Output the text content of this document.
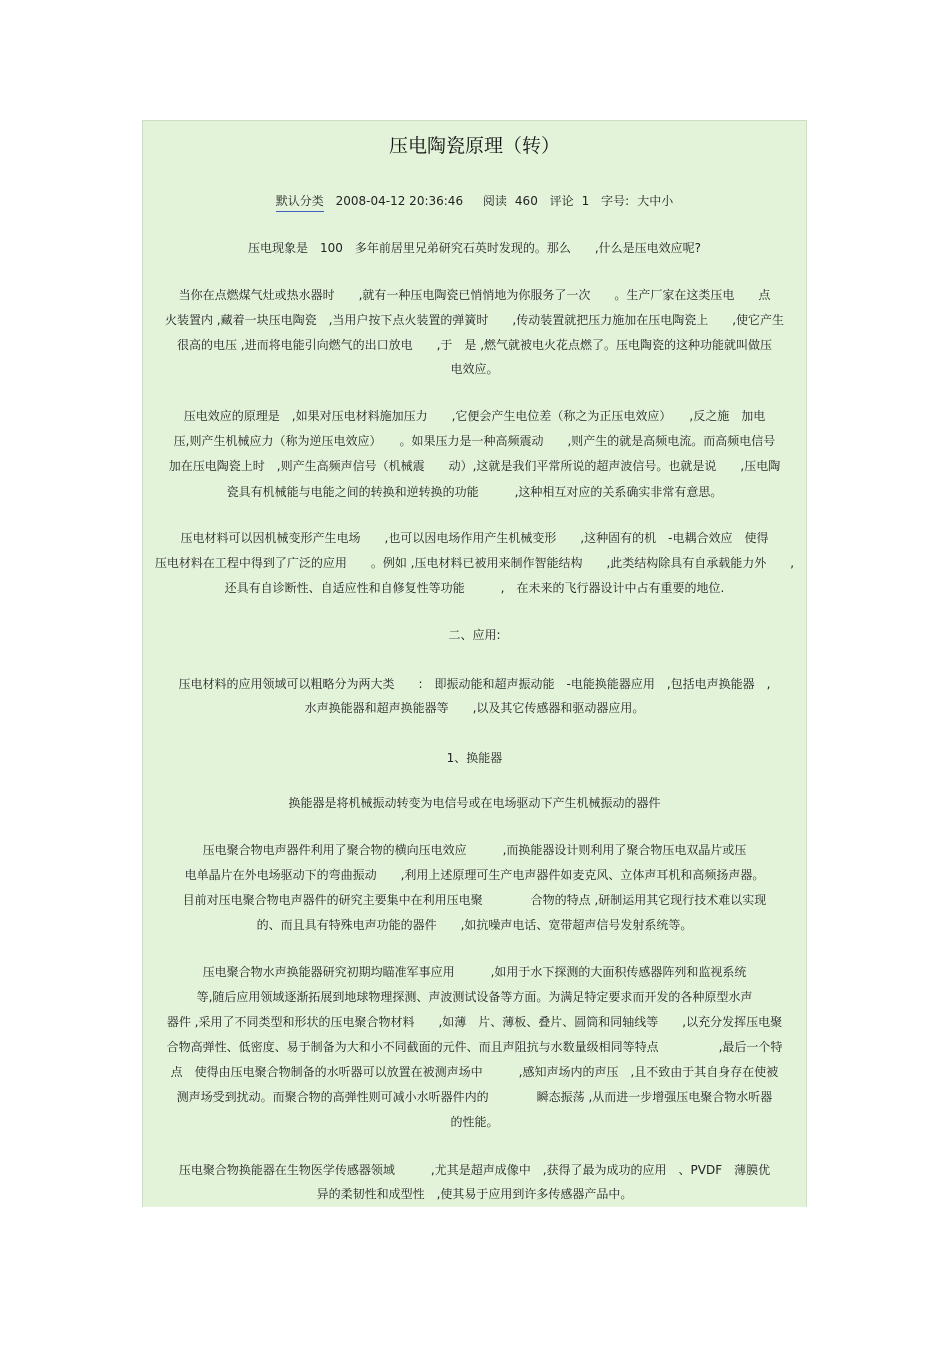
压电陶瓷原理（转）
默认分类 2008-04-12 20:36:46 阅读 460 评论 1 字号: 大中小
压电现象是　100　多年前居里兄弟研究石英时发现的。那么　　,什么是压电效应呢?
当你在点燃煤气灶或热水器时　　,就有一种压电陶瓷已悄悄地为你服务了一次　　。生产厂家在这类压电　　点
火装置内 ,藏着一块压电陶瓷　,当用户按下点火装置的弹簧时　　,传动装置就把压力施加在压电陶瓷上　　,使它产生
很高的电压 ,进而将电能引向燃气的出口放电　　,于　是 ,燃气就被电火花点燃了。压电陶瓷的这种功能就叫做压
电效应。
压电效应的原理是　,如果对压电材料施加压力　　,它便会产生电位差（称之为正压电效应）　　,反之施　加电
压,则产生机械应力（称为逆压电效应）　　。如果压力是一种高频震动　　,则产生的就是高频电流。而高频电信号
加在压电陶瓷上时　,则产生高频声信号（机械震　　动）,这就是我们平常所说的超声波信号。也就是说　　,压电陶
瓷具有机械能与电能之间的转换和逆转换的功能　　　,这种相互对应的关系确实非常有意思。
压电材料可以因机械变形产生电场　　,也可以因电场作用产生机械变形　　,这种固有的机　-电耦合效应　使得
压电材料在工程中得到了广泛的应用　　。例如 ,压电材料已被用来制作智能结构　　,此类结构除具有自承载能力外　　,
还具有自诊断性、自适应性和自修复性等功能　　　,　在未来的飞行器设计中占有重要的地位.
二、应用:
压电材料的应用领域可以粗略分为两大类　　:　即振动能和超声振动能　-电能换能器应用　,包括电声换能器　,
水声换能器和超声换能器等　　,以及其它传感器和驱动器应用。
1、换能器
换能器是将机械振动转变为电信号或在电场驱动下产生机械振动的器件
压电聚合物电声器件利用了聚合物的横向压电效应　　　,而换能器设计则利用了聚合物压电双晶片或压
电单晶片在外电场驱动下的弯曲振动　　,利用上述原理可生产电声器件如麦克风、立体声耳机和高频扬声器。
目前对压电聚合物电声器件的研究主要集中在利用压电聚　　　　合物的特点 ,研制运用其它现行技术难以实现
的、而且具有特殊电声功能的器件　　,如抗噪声电话、宽带超声信号发射系统等。
压电聚合物水声换能器研究初期均瞄准军事应用　　　,如用于水下探测的大面积传感器阵列和监视系统
等,随后应用领域逐渐拓展到地球物理探测、声波测试设备等方面。为满足特定要求而开发的各种原型水声
器件 ,采用了不同类型和形状的压电聚合物材料　　,如薄　片、薄板、叠片、圆筒和同轴线等　　,以充分发挥压电聚
合物高弹性、低密度、易于制备为大和小不同截面的元件、而且声阻抗与水数量级相同等特点　　　　　,最后一个特
点　使得由压电聚合物制备的水听器可以放置在被测声场中　　　,感知声场内的声压　,且不致由于其自身存在使被
测声场受到扰动。而聚合物的高弹性则可减小水听器件内的　　　　瞬态振荡 ,从而进一步增强压电聚合物水听器
的性能。
压电聚合物换能器在生物医学传感器领域　　　,尤其是超声成像中　,获得了最为成功的应用　、PVDF　薄膜优
异的柔韧性和成型性　,使其易于应用到许多传感器产品中。
